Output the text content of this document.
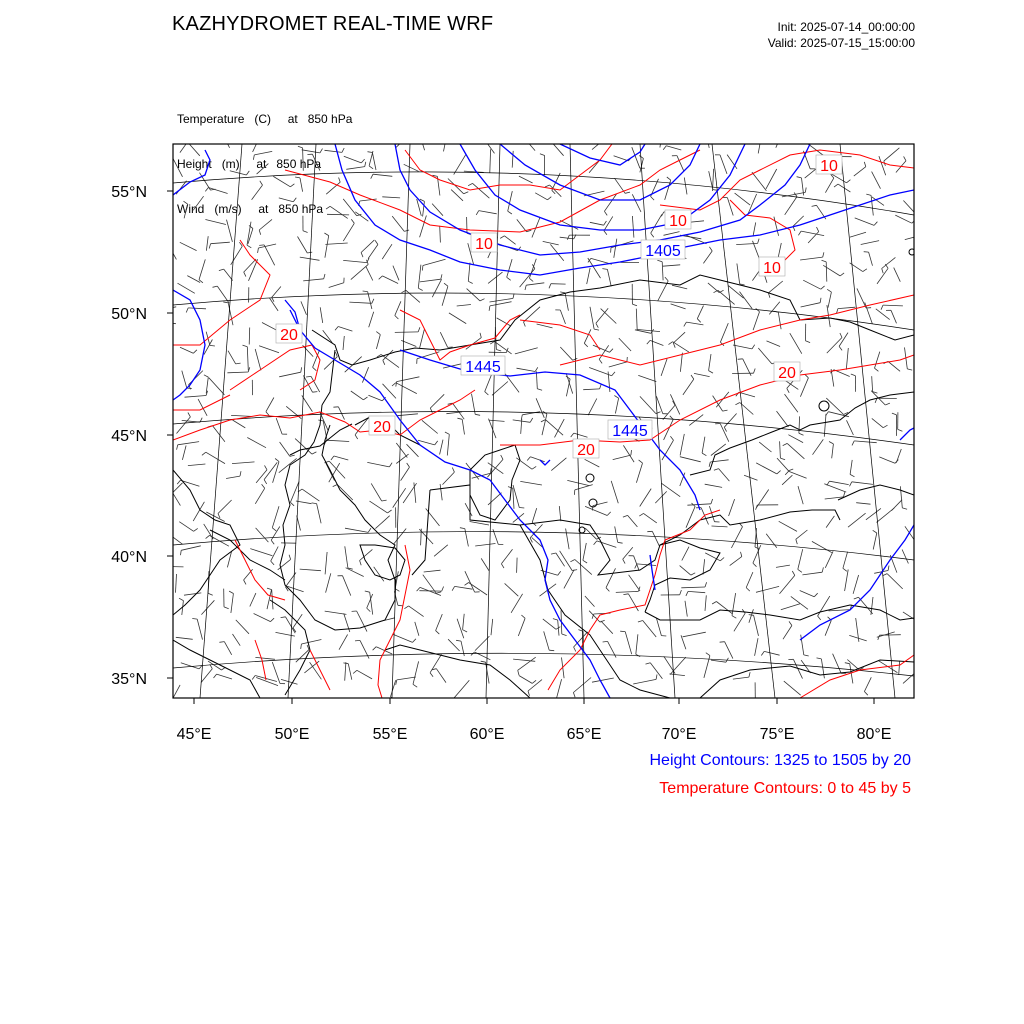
KAZHYDROMET REAL-TIME WRF	Init: 2025-07-14_00:00:00
Valid: 2025-07-15_15:00:00

Temperature   (C)     at   850 hPa

Height   (m)     at   850 hPa

Wind   (m/s)     at   850 hPa

1405
1445
1445
10
10
10
10
20
20
20
20
55°N
50°N
45°N
40°N
35°N
45°E	50°E	55°E	60°E	65°E	70°E	75°E	80°E
Height Contours: 1325 to 1505 by 20
Temperature Contours: 0 to 45 by 5
